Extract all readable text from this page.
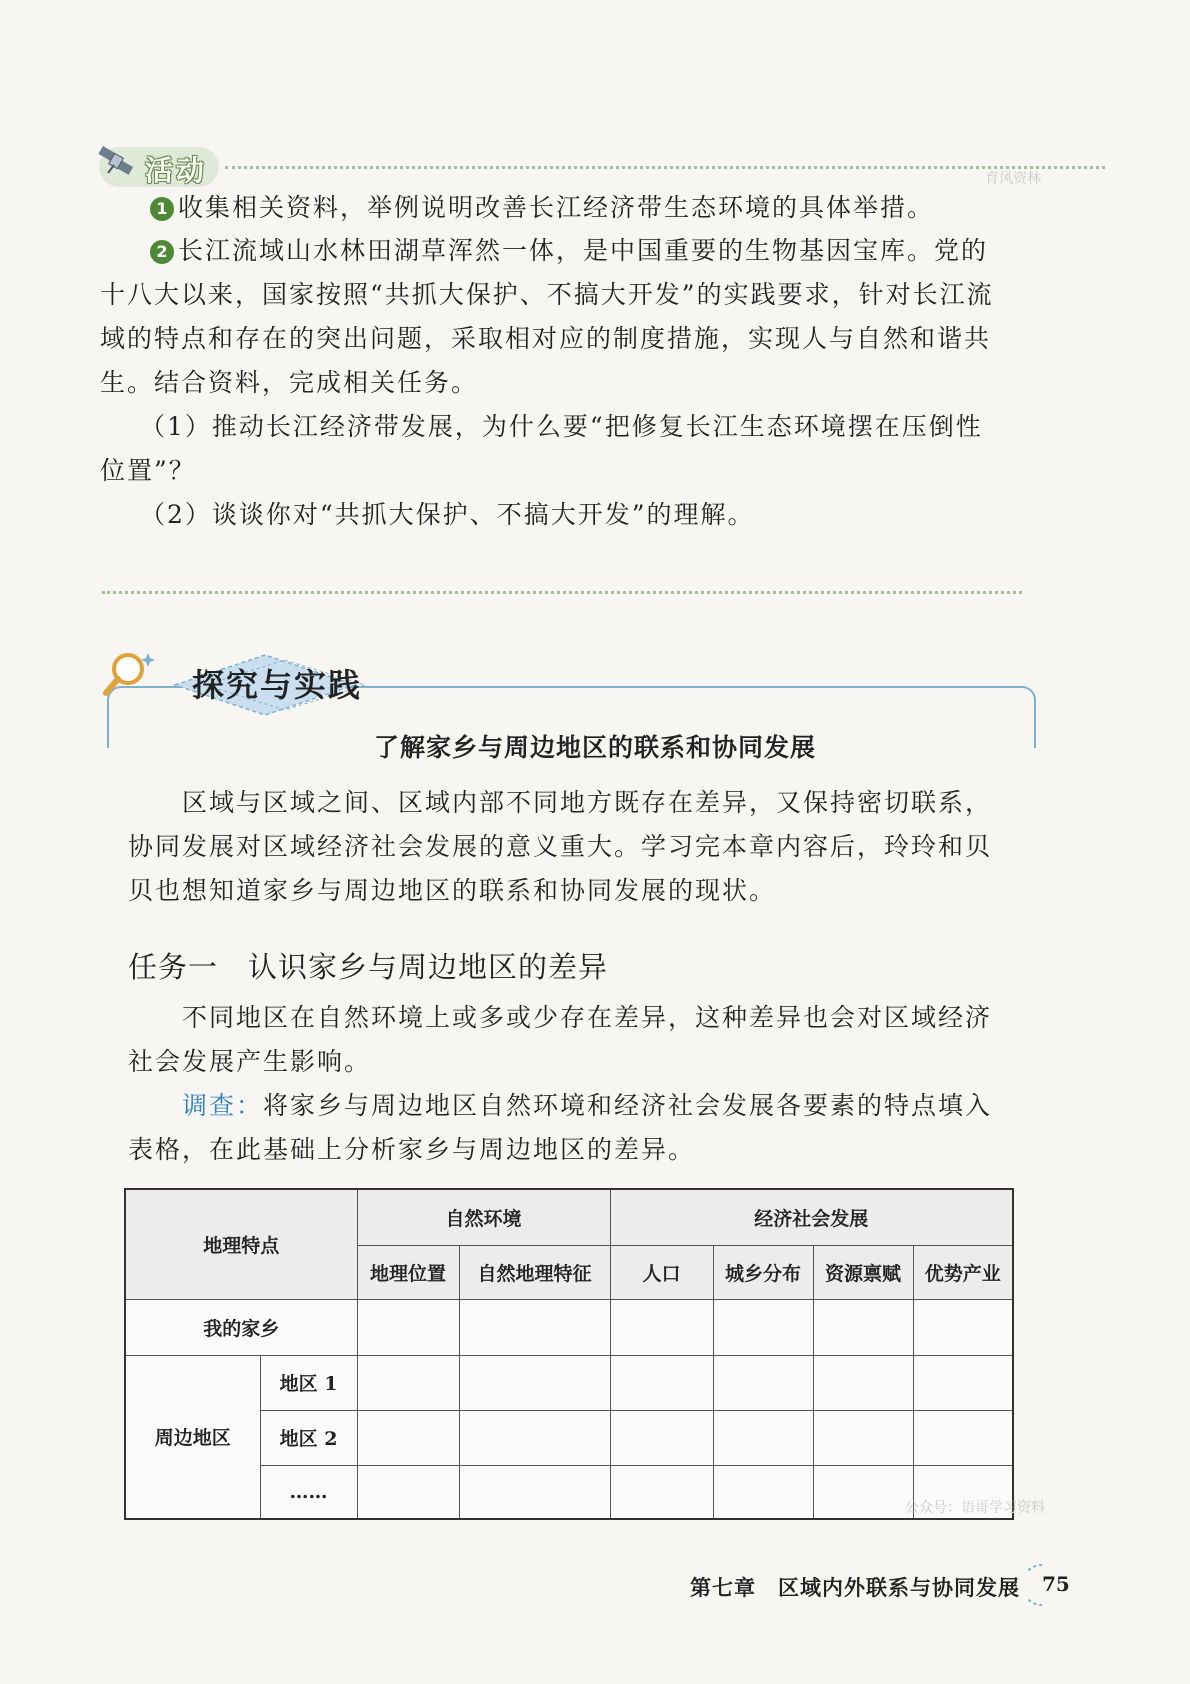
活动	育风资林
1 收集相关资料，举例说明改善长江经济带生态环境的具体举措。
2 长江流域山水林田湖草浑然一体，是中国重要的生物基因宝库。党的
十八大以来，国家按照“共抓大保护、不搞大开发”的实践要求，针对长江流
域的特点和存在的突出问题，采取相对应的制度措施，实现人与自然和谐共
生。结合资料，完成相关任务。
（1）推动长江经济带发展，为什么要“把修复长江生态环境摆在压倒性
位置”？
（2）谈谈你对“共抓大保护、不搞大开发”的理解。
探究与实践
了解家乡与周边地区的联系和协同发展
区域与区域之间、区域内部不同地方既存在差异，又保持密切联系，
协同发展对区域经济社会发展的意义重大。学习完本章内容后，玲玲和贝
贝也想知道家乡与周边地区的联系和协同发展的现状。
任务一　认识家乡与周边地区的差异
不同地区在自然环境上或多或少存在差异，这种差异也会对区域经济
社会发展产生影响。
调查：将家乡与周边地区自然环境和经济社会发展各要素的特点填入
表格，在此基础上分析家乡与周边地区的差异。
地理特点		自然环境		经济社会发展			
		地理位置	自然地理特征	人口	城乡分布	资源禀赋	优势产业
我的家乡							
周边地区	地区 1						
	地区 2						
	……						
公众号：语哥学习资料
第七章　区域内外联系与协同发展 75
